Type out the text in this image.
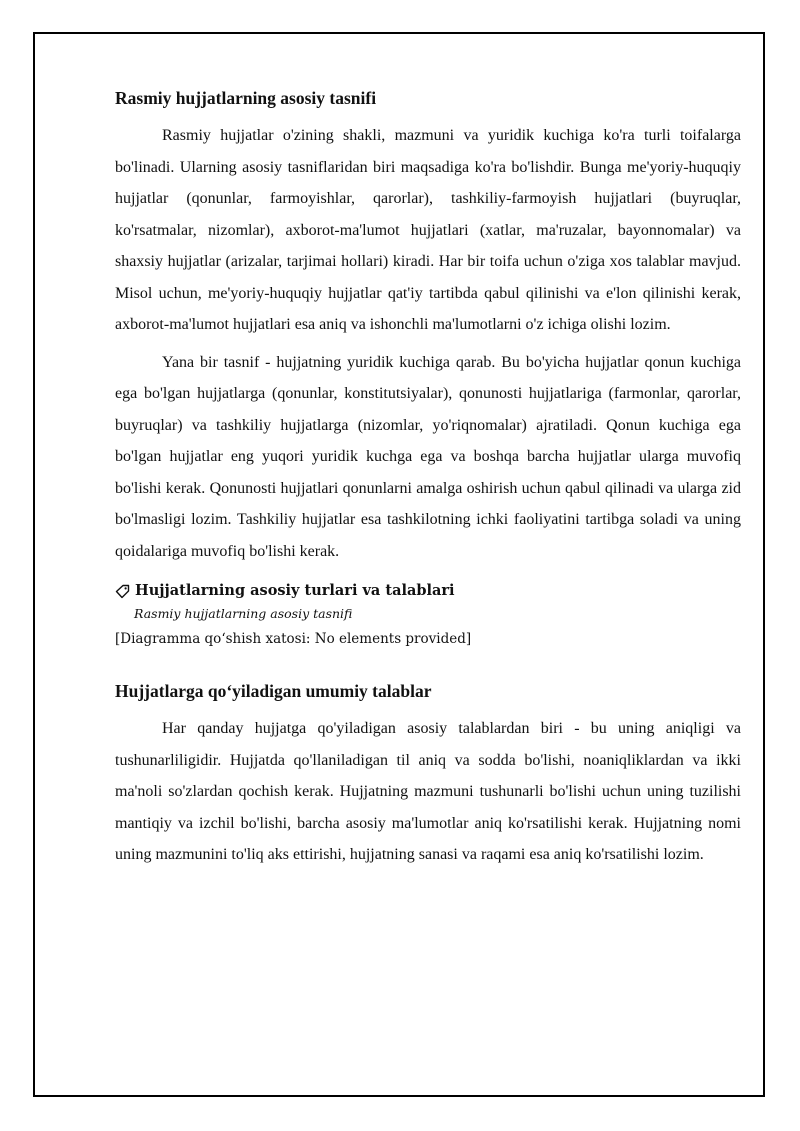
Rasmiy hujjatlarning asosiy tasnifi

Rasmiy hujjatlar o'zining shakli, mazmuni va yuridik kuchiga ko'ra turli toifalarga bo'linadi. Ularning asosiy tasniflaridan biri maqsadiga ko'ra bo'lishdir. Bunga me'yoriy-huquqiy hujjatlar (qonunlar, farmoyishlar, qarorlar), tashkiliy-farmoyish hujjatlari (buyruqlar, ko'rsatmalar, nizomlar), axborot-ma'lumot hujjatlari (xatlar, ma'ruzalar, bayonnomalar) va shaxsiy hujjatlar (arizalar, tarjimai hollari) kiradi. Har bir toifa uchun o'ziga xos talablar mavjud. Misol uchun, me'yoriy-huquqiy hujjatlar qat'iy tartibda qabul qilinishi va e'lon qilinishi kerak, axborot-ma'lumot hujjatlari esa aniq va ishonchli ma'lumotlarni o'z ichiga olishi lozim.

Yana bir tasnif - hujjatning yuridik kuchiga qarab. Bu bo'yicha hujjatlar qonun kuchiga ega bo'lgan hujjatlarga (qonunlar, konstitutsiyalar), qonunosti hujjatlariga (farmonlar, qarorlar, buyruqlar) va tashkiliy hujjatlarga (nizomlar, yo'riqnomalar) ajratiladi. Qonun kuchiga ega bo'lgan hujjatlar eng yuqori yuridik kuchga ega va boshqa barcha hujjatlar ularga muvofiq bo'lishi kerak. Qonunosti hujjatlari qonunlarni amalga oshirish uchun qabul qilinadi va ularga zid bo'lmasligi lozim. Tashkiliy hujjatlar esa tashkilotning ichki faoliyatini tartibga soladi va uning qoidalariga muvofiq bo'lishi kerak.

Hujjatlarning asosiy turlari va talablari
Rasmiy hujjatlarning asosiy tasnifi
[Diagramma qo‘shish xatosi: No elements provided]
Hujjatlarga qoʻyiladigan umumiy talablar

Har qanday hujjatga qo'yiladigan asosiy talablardan biri - bu uning aniqligi va tushunarliligidir. Hujjatda qo'llaniladigan til aniq va sodda bo'lishi, noaniqliklardan va ikki ma'noli so'zlardan qochish kerak. Hujjatning mazmuni tushunarli bo'lishi uchun uning tuzilishi mantiqiy va izchil bo'lishi, barcha asosiy ma'lumotlar aniq ko'rsatilishi kerak. Hujjatning nomi uning mazmunini to'liq aks ettirishi, hujjatning sanasi va raqami esa aniq ko'rsatilishi lozim.
